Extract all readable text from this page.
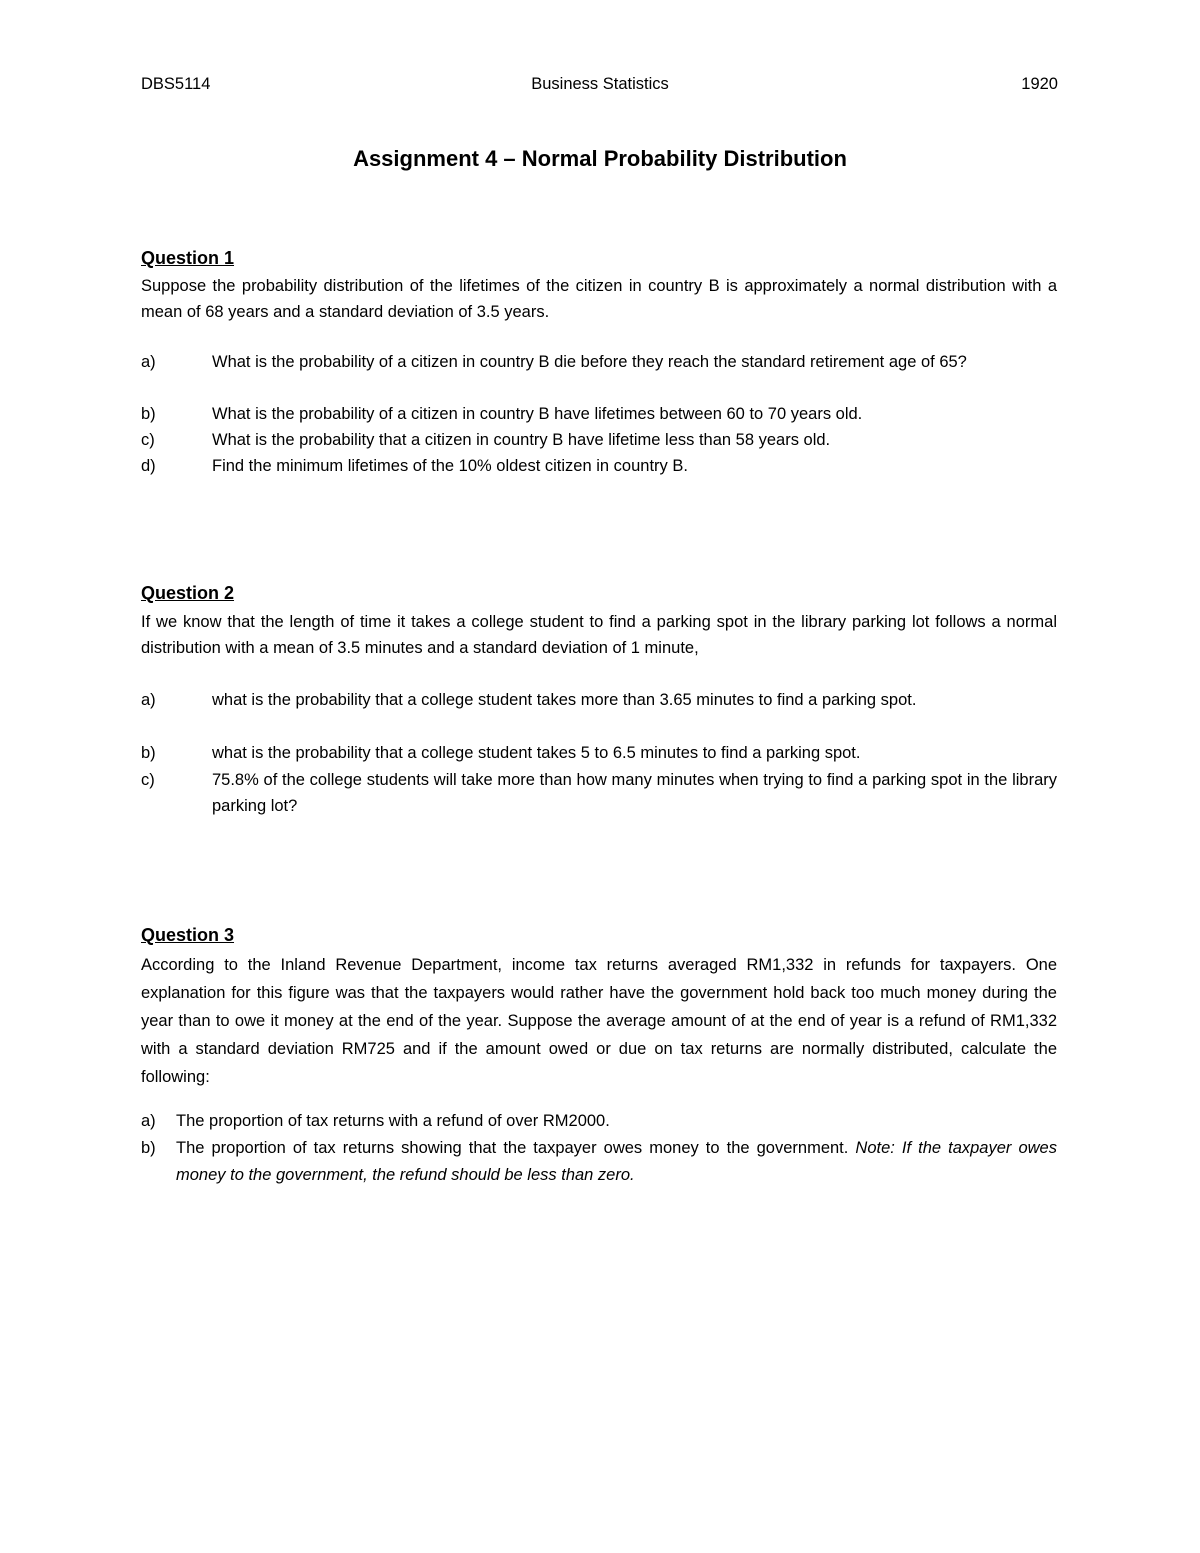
DBS5114	Business Statistics	1920
Assignment 4 – Normal Probability Distribution
Question 1
Suppose the probability distribution of the lifetimes of the citizen in country B is approximately a normal distribution with a mean of 68 years and a standard deviation of 3.5 years.
a)	What is the probability of a citizen in country B die before they reach the standard retirement age of 65?
b)	What is the probability of a citizen in country B have lifetimes between 60 to 70 years old.
c)	What is the probability that a citizen in country B have lifetime less than 58 years old.
d)	Find the minimum lifetimes of the 10% oldest citizen in country B.
Question 2
If we know that the length of time it takes a college student to find a parking spot in the library parking lot follows a normal distribution with a mean of 3.5 minutes and a standard deviation of 1 minute,
a)	what is the probability that a college student takes more than 3.65 minutes to find a parking spot.
b)	what is the probability that a college student takes 5 to 6.5 minutes to find a parking spot.
c)	75.8% of the college students will take more than how many minutes when trying to find a parking spot in the library parking lot?
Question 3
According to the Inland Revenue Department, income tax returns averaged RM1,332 in refunds for taxpayers. One explanation for this figure was that the taxpayers would rather have the government hold back too much money during the year than to owe it money at the end of the year. Suppose the average amount of at the end of year is a refund of RM1,332 with a standard deviation RM725 and if the amount owed or due on tax returns are normally distributed, calculate the following:
a) The proportion of tax returns with a refund of over RM2000.
b) The proportion of tax returns showing that the taxpayer owes money to the government. Note: If the taxpayer owes money to the government, the refund should be less than zero.
